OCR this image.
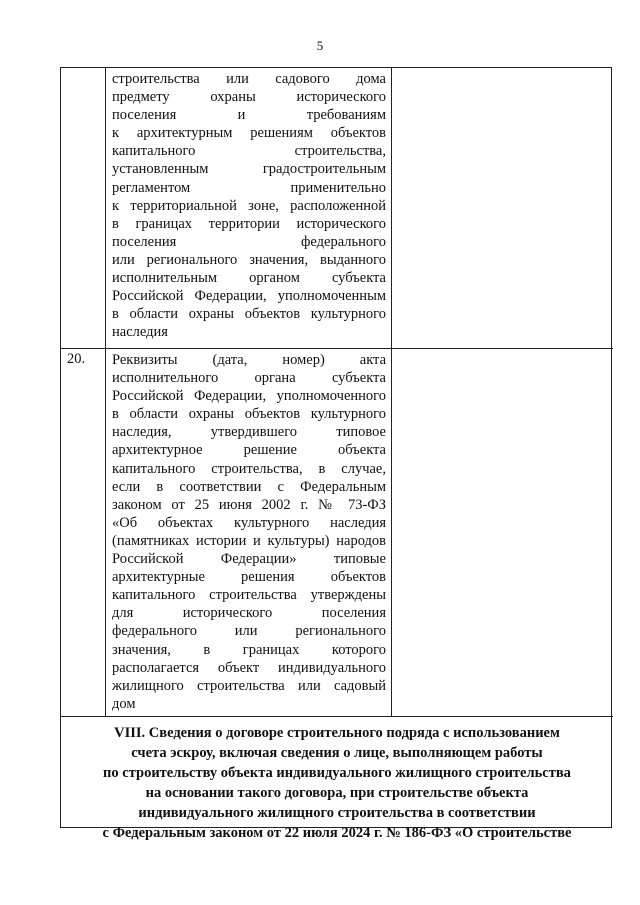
5
строительства или садового дома
предмету охраны исторического
поселения и требованиям
к архитектурным решениям объектов
капитального строительства,
установленным градостроительным
регламентом применительно
к территориальной зоне, расположенной
в границах территории исторического
поселения федерального
или регионального значения, выданного
исполнительным органом субъекта
Российской Федерации, уполномоченным
в области охраны объектов культурного
наследия
20. Реквизиты (дата, номер) акта
исполнительного органа субъекта
Российской Федерации, уполномоченного
в области охраны объектов культурного
наследия, утвердившего типовое
архитектурное решение объекта
капитального строительства, в случае,
если в соответствии с Федеральным
законом от 25 июня 2002 г. № 73-ФЗ
«Об объектах культурного наследия
(памятниках истории и культуры) народов
Российской Федерации» типовые
архитектурные решения объектов
капитального строительства утверждены
для исторического поселения
федерального или регионального
значения, в границах которого
располагается объект индивидуального
жилищного строительства или садовый
дом
VIII. Сведения о договоре строительного подряда с использованием
счета эскроу, включая сведения о лице, выполняющем работы
по строительству объекта индивидуального жилищного строительства
на основании такого договора, при строительстве объекта
индивидуального жилищного строительства в соответствии
с Федеральным законом от 22 июля 2024 г. № 186-ФЗ «О строительстве
